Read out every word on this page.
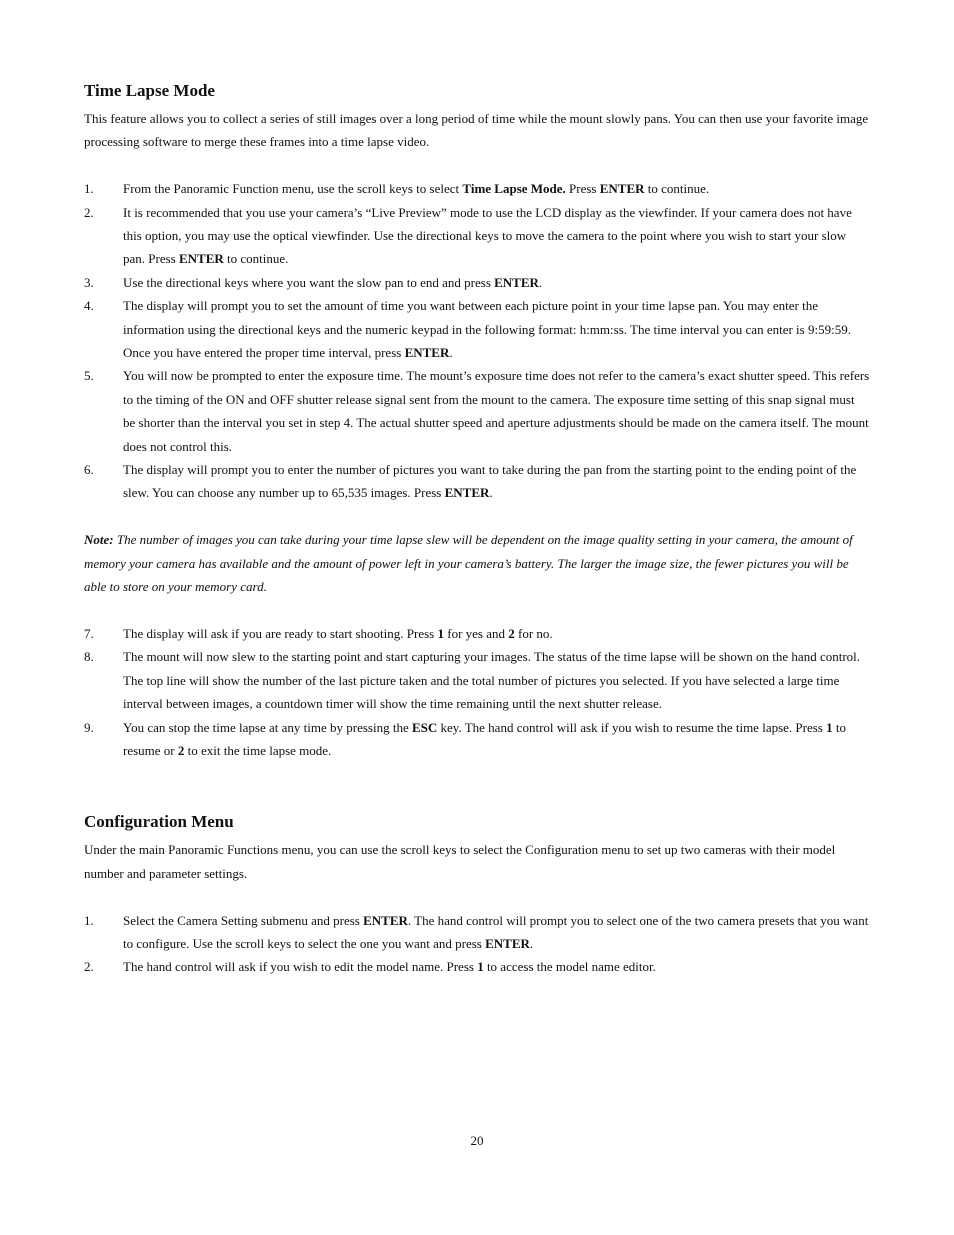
Time Lapse Mode

This feature allows you to collect a series of still images over a long period of time while the mount slowly pans. You can then use your favorite image processing software to merge these frames into a time lapse video.

1.	From the Panoramic Function menu, use the scroll keys to select Time Lapse Mode. Press ENTER to continue.
2.	It is recommended that you use your camera’s “Live Preview” mode to use the LCD display as the viewfinder. If your camera does not have this option, you may use the optical viewfinder. Use the directional keys to move the camera to the point where you wish to start your slow pan. Press ENTER to continue.
3.	Use the directional keys where you want the slow pan to end and press ENTER.
4.	The display will prompt you to set the amount of time you want between each picture point in your time lapse pan. You may enter the information using the directional keys and the numeric keypad in the following format: h:mm:ss. The time interval you can enter is 9:59:59. Once you have entered the proper time interval, press ENTER.
5.	You will now be prompted to enter the exposure time. The mount’s exposure time does not refer to the camera’s exact shutter speed. This refers to the timing of the ON and OFF shutter release signal sent from the mount to the camera. The exposure time setting of this snap signal must be shorter than the interval you set in step 4. The actual shutter speed and aperture adjustments should be made on the camera itself. The mount does not control this.
6.	The display will prompt you to enter the number of pictures you want to take during the pan from the starting point to the ending point of the slew. You can choose any number up to 65,535 images. Press ENTER.

Note: The number of images you can take during your time lapse slew will be dependent on the image quality setting in your camera, the amount of memory your camera has available and the amount of power left in your camera’s battery. The larger the image size, the fewer pictures you will be able to store on your memory card.

7.	The display will ask if you are ready to start shooting. Press 1 for yes and 2 for no.
8.	The mount will now slew to the starting point and start capturing your images. The status of the time lapse will be shown on the hand control. The top line will show the number of the last picture taken and the total number of pictures you selected. If you have selected a large time interval between images, a countdown timer will show the time remaining until the next shutter release.
9.	You can stop the time lapse at any time by pressing the ESC key. The hand control will ask if you wish to resume the time lapse. Press 1 to resume or 2 to exit the time lapse mode.
Configuration Menu

Under the main Panoramic Functions menu, you can use the scroll keys to select the Configuration menu to set up two cameras with their model number and parameter settings.

1.	Select the Camera Setting submenu and press ENTER. The hand control will prompt you to select one of the two camera presets that you want to configure. Use the scroll keys to select the one you want and press ENTER.
2.	The hand control will ask if you wish to edit the model name. Press 1 to access the model name editor.
20
